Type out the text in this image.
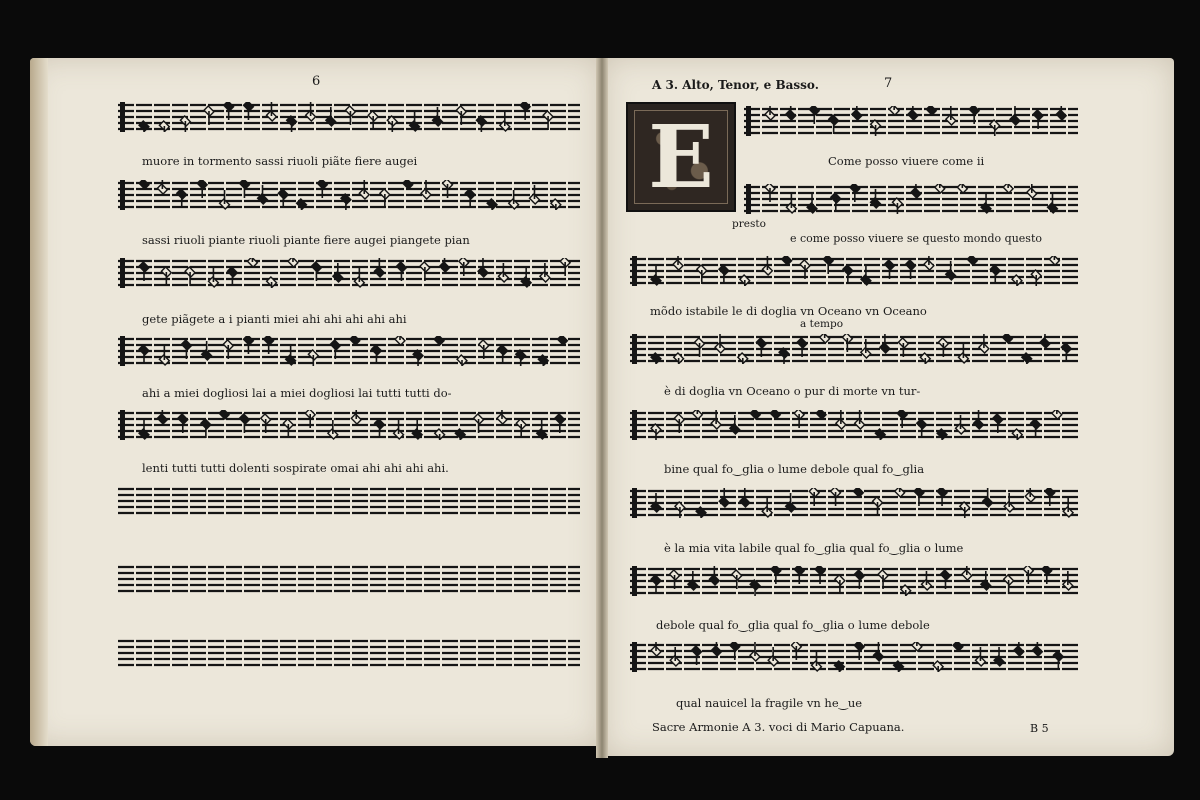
6
muore in tormento sassi riuoli piãte fiere augei
sassi riuoli piante riuoli piante fiere augei piangete pian
gete piãgete a i pianti miei ahi ahi ahi ahi ahi
ahi a miei dogliosi lai a miei dogliosi lai tutti tutti do-
lenti tutti tutti dolenti sospirate omai ahi ahi ahi ahi.
A 3. Alto, Tenor, e Basso.	7
E	Come posso viuere come ii
e come posso viuere se questo mondo questo
presto
mõdo istabile le di doglia vn Oceano vn Oceano
a tempo
è di doglia vn Oceano o pur di morte vn tur-
bine qual fo‿glia o lume debole qual fo‿glia
è la mia vita labile qual fo‿glia qual fo‿glia o lume
debole qual fo‿glia qual fo‿glia o lume debole
qual nauicel la fragile vn he‿ue
Sacre Armonie A 3. voci di Mario Capuana.	B 5
